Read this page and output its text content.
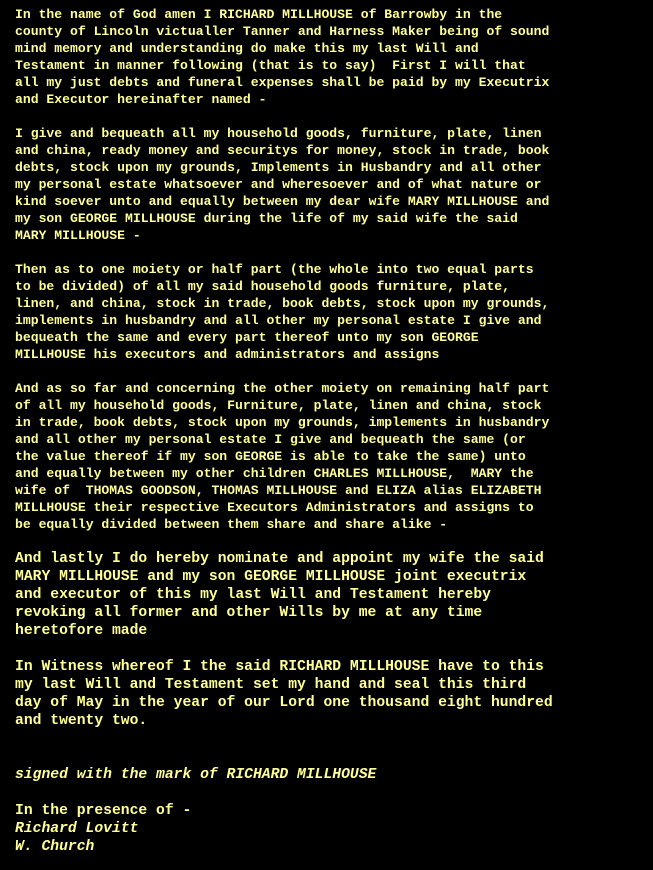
In the name of God amen I RICHARD MILLHOUSE of Barrowby in the
county of Lincoln victualler Tanner and Harness Maker being of sound
mind memory and understanding do make this my last Will and
Testament in manner following (that is to say)  First I will that
all my just debts and funeral expenses shall be paid by my Executrix
and Executor hereinafter named -

I give and bequeath all my household goods, furniture, plate, linen
and china, ready money and securitys for money, stock in trade, book
debts, stock upon my grounds, Implements in Husbandry and all other
my personal estate whatsoever and wheresoever and of what nature or
kind soever unto and equally between my dear wife MARY MILLHOUSE and
my son GEORGE MILLHOUSE during the life of my said wife the said
MARY MILLHOUSE -

Then as to one moiety or half part (the whole into two equal parts
to be divided) of all my said household goods furniture, plate,
linen, and china, stock in trade, book debts, stock upon my grounds,
implements in husbandry and all other my personal estate I give and
bequeath the same and every part thereof unto my son GEORGE
MILLHOUSE his executors and administrators and assigns

And as so far and concerning the other moiety on remaining half part
of all my household goods, Furniture, plate, linen and china, stock
in trade, book debts, stock upon my grounds, implements in husbandry
and all other my personal estate I give and bequeath the same (or
the value thereof if my son GEORGE is able to take the same) unto
and equally between my other children CHARLES MILLHOUSE,  MARY the
wife of  THOMAS GOODSON, THOMAS MILLHOUSE and ELIZA alias ELIZABETH
MILLHOUSE their respective Executors Administrators and assigns to
be equally divided between them share and share alike -

And lastly I do hereby nominate and appoint my wife the said
MARY MILLHOUSE and my son GEORGE MILLHOUSE joint executrix
and executor of this my last Will and Testament hereby
revoking all former and other Wills by me at any time
heretofore made

In Witness whereof I the said RICHARD MILLHOUSE have to this
my last Will and Testament set my hand and seal this third
day of May in the year of our Lord one thousand eight hundred
and twenty two.

signed with the mark of RICHARD MILLHOUSE

In the presence of -

Richard Lovitt

W. Church
